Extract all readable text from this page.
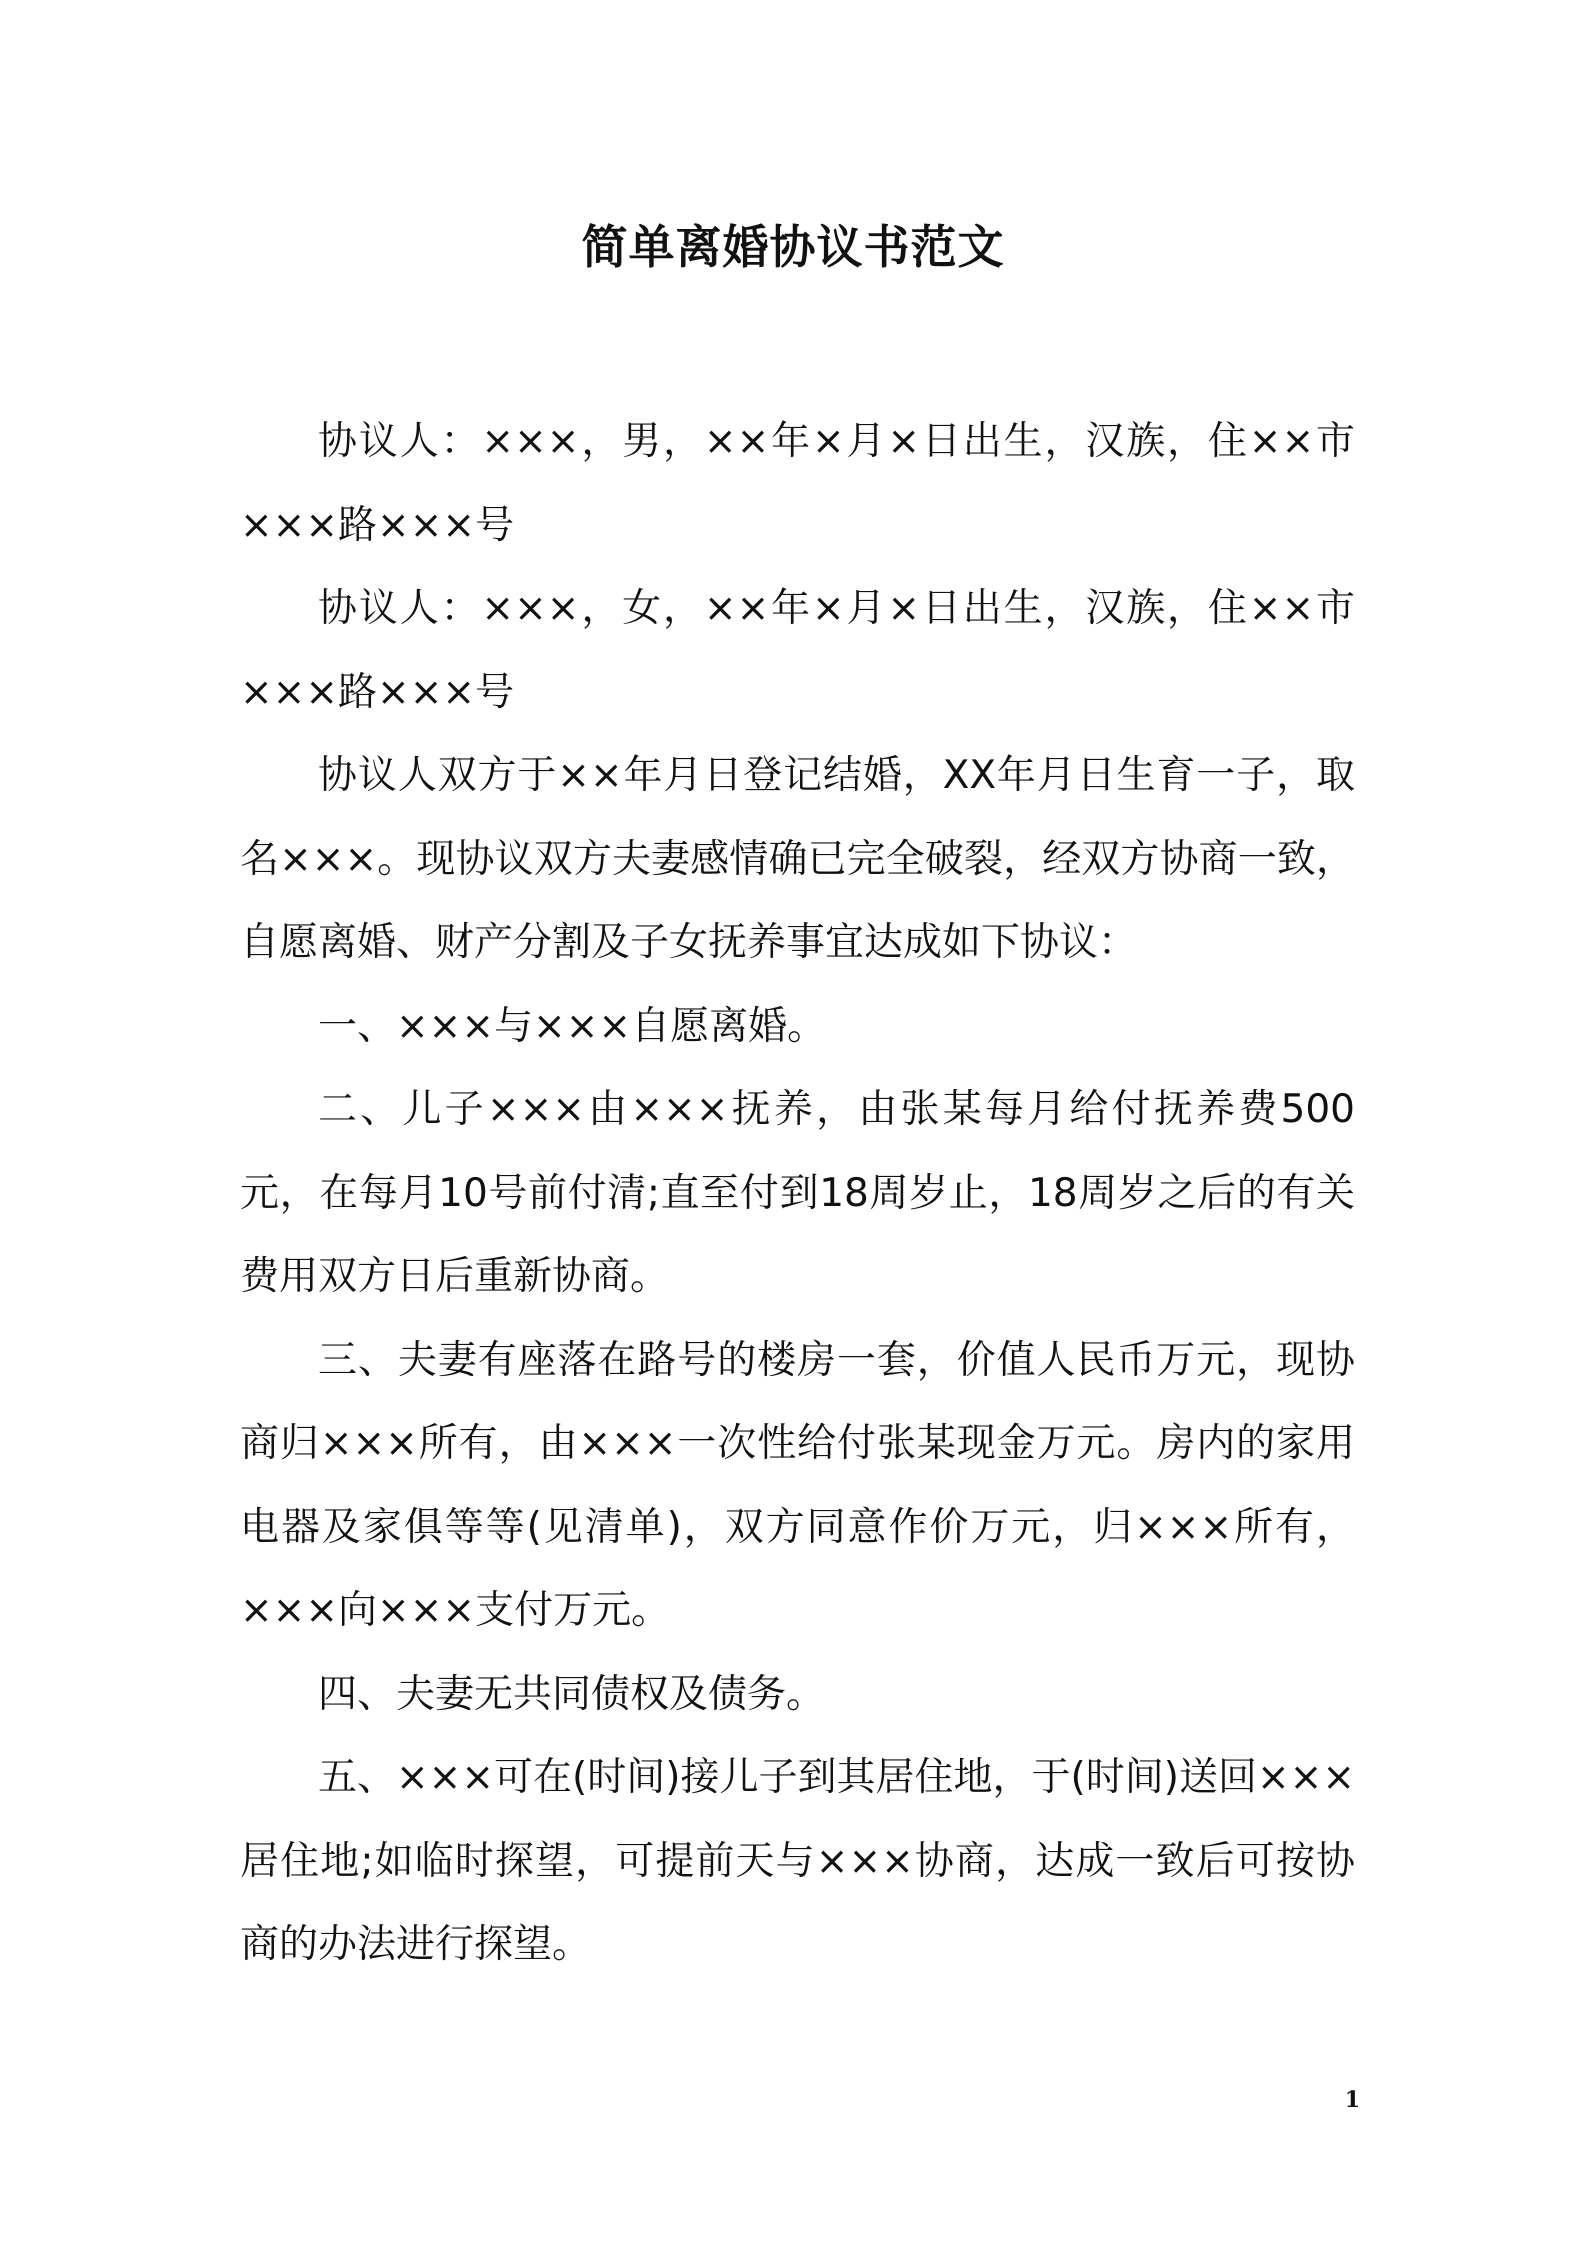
简单离婚协议书范文

协议人：×××，男，××年×月×日出生，汉族，住××市×××路×××号

协议人：×××，女，××年×月×日出生，汉族，住××市×××路×××号

协议人双方于××年月日登记结婚，XX年月日生育一子，取名×××。现协议双方夫妻感情确已完全破裂，经双方协商一致，自愿离婚、财产分割及子女抚养事宜达成如下协议：

一、×××与×××自愿离婚。

二、儿子×××由×××抚养，由张某每月给付抚养费500元，在每月10号前付清;直至付到18周岁止，18周岁之后的有关费用双方日后重新协商。

三、夫妻有座落在路号的楼房一套，价值人民币万元，现协商归×××所有，由×××一次性给付张某现金万元。房内的家用电器及家俱等等(见清单)，双方同意作价万元，归×××所有，×××向×××支付万元。

四、夫妻无共同债权及债务。

五、×××可在(时间)接儿子到其居住地，于(时间)送回×××居住地;如临时探望，可提前天与×××协商，达成一致后可按协商的办法进行探望。

1
